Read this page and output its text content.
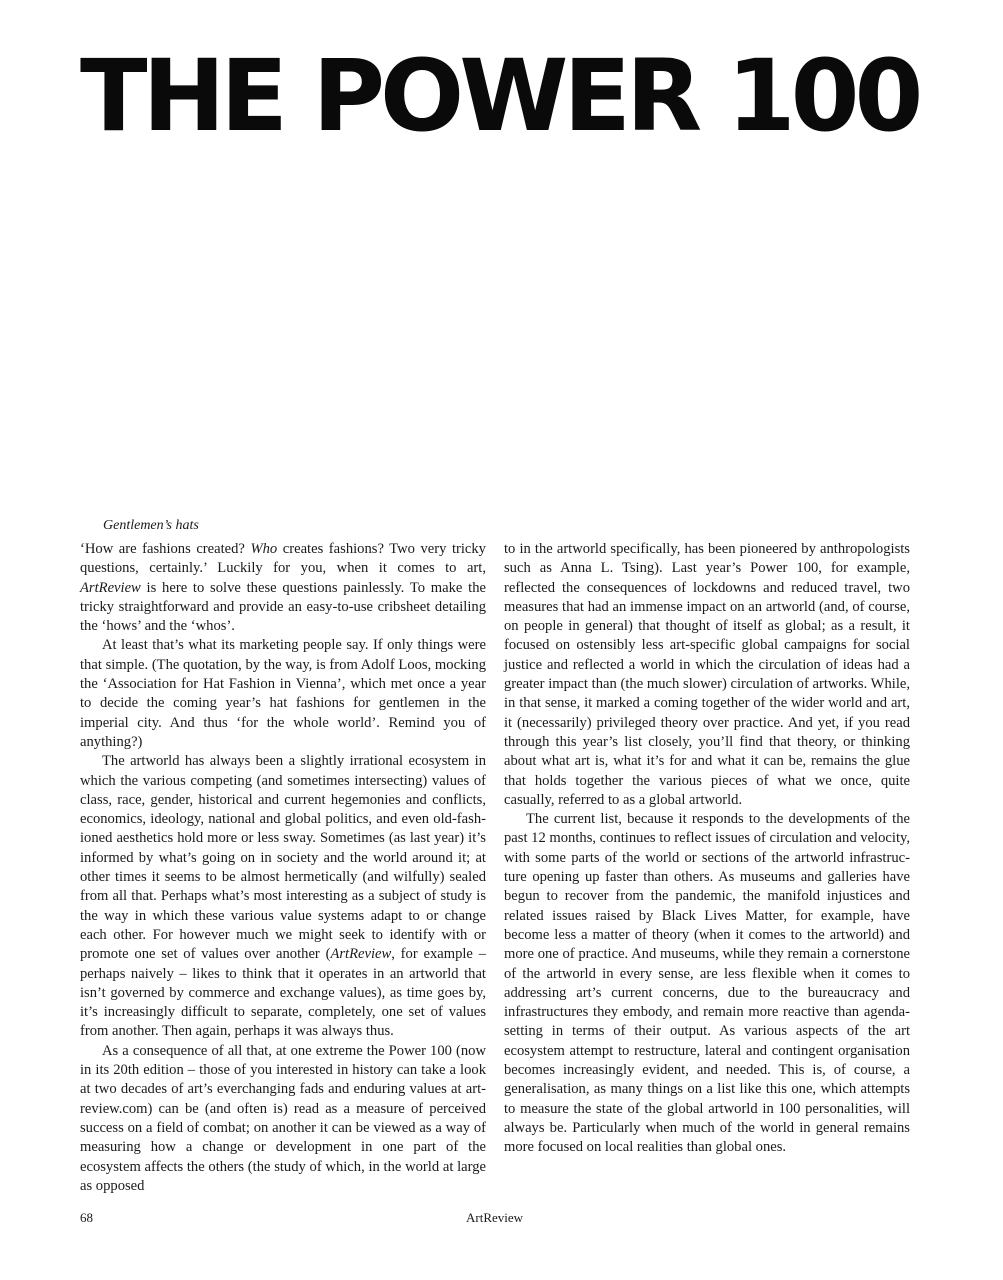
THE POWER 100
Gentlemen’s hats

‘How are fashions created? Who creates fashions? Two very tricky questions, certainly.’ Luckily for you, when it comes to art, ArtReview is here to solve these questions painlessly. To make the tricky straightforward and provide an easy-to-use cribsheet detailing the ‘hows’ and the ‘whos’.

At least that’s what its marketing people say. If only things were that simple. (The quotation, by the way, is from Adolf Loos, mocking the ‘Association for Hat Fashion in Vienna’, which met once a year to decide the coming year’s hat fashions for gentlemen in the imperial city. And thus ‘for the whole world’. Remind you of anything?)

The artworld has always been a slightly irrational ecosystem in which the various competing (and sometimes intersecting) values of class, race, gender, historical and current hegemonies and conflicts, economics, ideology, national and global politics, and even old-fashioned aesthetics hold more or less sway. Sometimes (as last year) it’s informed by what’s going on in society and the world around it; at other times it seems to be almost hermetically (and wilfully) sealed from all that. Perhaps what’s most interesting as a subject of study is the way in which these various value systems adapt to or change each other. For however much we might seek to identify with or promote one set of values over another (ArtReview, for example – perhaps naively – likes to think that it operates in an artworld that isn’t governed by commerce and exchange values), as time goes by, it’s increasingly difficult to separate, completely, one set of values from another. Then again, perhaps it was always thus.

As a consequence of all that, at one extreme the Power 100 (now in its 20th edition – those of you interested in history can take a look at two decades of art’s everchanging fads and enduring values at artreview.com) can be (and often is) read as a measure of perceived success on a field of combat; on another it can be viewed as a way of measuring how a change or development in one part of the ecosystem affects the others (the study of which, in the world at large as opposed

to in the artworld specifically, has been pioneered by anthropologists such as Anna L. Tsing). Last year’s Power 100, for example, reflected the consequences of lockdowns and reduced travel, two measures that had an immense impact on an artworld (and, of course, on people in general) that thought of itself as global; as a result, it focused on ostensibly less art-specific global campaigns for social justice and reflected a world in which the circulation of ideas had a greater impact than (the much slower) circulation of artworks. While, in that sense, it marked a coming together of the wider world and art, it (necessarily) privileged theory over practice. And yet, if you read through this year’s list closely, you’ll find that theory, or thinking about what art is, what it’s for and what it can be, remains the glue that holds together the various pieces of what we once, quite casually, referred to as a global artworld.

The current list, because it responds to the developments of the past 12 months, continues to reflect issues of circulation and velocity, with some parts of the world or sections of the artworld infrastructure opening up faster than others. As museums and galleries have begun to recover from the pandemic, the manifold injustices and related issues raised by Black Lives Matter, for example, have become less a matter of theory (when it comes to the artworld) and more one of practice. And museums, while they remain a cornerstone of the artworld in every sense, are less flexible when it comes to addressing art’s current concerns, due to the bureaucracy and infrastructures they embody, and remain more reactive than agenda-setting in terms of their output. As various aspects of the art ecosystem attempt to restructure, lateral and contingent organisation becomes increasingly evident, and needed. This is, of course, a generalisation, as many things on a list like this one, which attempts to measure the state of the global artworld in 100 personalities, will always be. Particularly when much of the world in general remains more focused on local realities than global ones.

68	ArtReview
